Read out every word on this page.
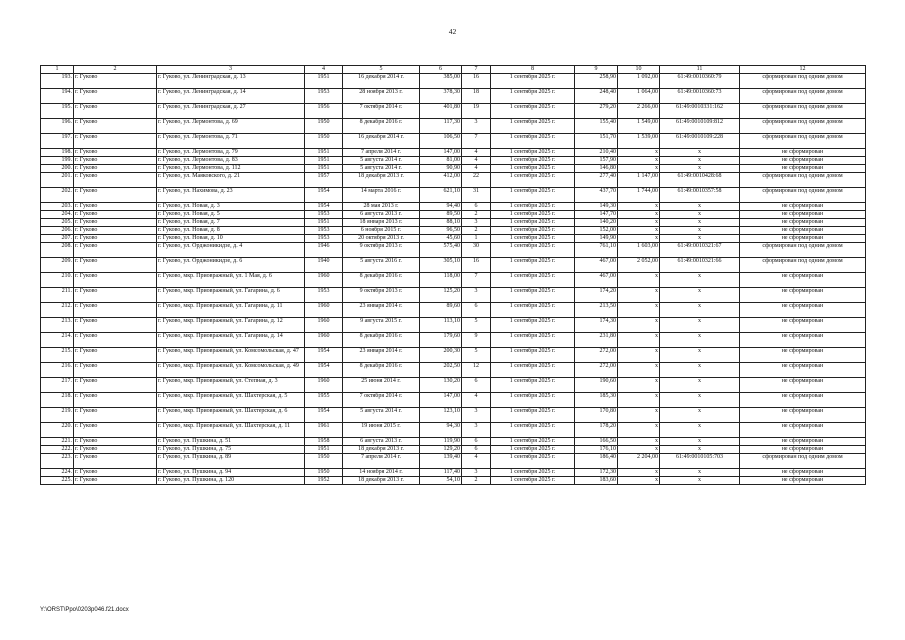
42
1	2	3	4	5	6	7	8	9	10	11	12
193.	г. Гуково	г. Гуково, ул. Ленинградская, д. 13	1951	16 декабря 2014 г.	385,00	16	1 сентября 2025 г.	258,90	1 092,00	61:49:0010360:79	сформирован под одним домом
194.	г. Гуково	г. Гуково, ул. Ленинградская, д. 14	1953	28 ноября 2013 г.	378,30	18	1 сентября 2025 г.	248,40	1 064,00	61:49:0010360:73	сформирован под одним домом
195.	г. Гуково	г. Гуково, ул. Ленинградская, д. 27	1956	7 октября 2014 г.	401,80	19	1 сентября 2025 г.	279,20	2 266,00	61:49:0010331:162	сформирован под одним домом
196.	г. Гуково	г. Гуково, ул. Лермонтова, д. 69	1950	8 декабря 2016 г.	117,30	3	1 сентября 2025 г.	155,40	1 549,00	61:49:0010109:812	сформирован под одним домом
197.	г. Гуково	г. Гуково, ул. Лермонтова, д. 71	1950	16 декабря 2014 г.	106,50	7	1 сентября 2025 г.	151,70	1 539,00	61:49:0010109:228	сформирован под одним домом
198.	г. Гуково	г. Гуково, ул. Лермонтова, д. 79	1951	7 апреля 2014 г.	147,00	4	1 сентября 2025 г.	210,40	х	х	не сформирован
199.	г. Гуково	г. Гуково, ул. Лермонтова, д. 83	1951	5 августа 2014 г.	81,00	4	1 сентября 2025 г.	157,90	х	х	не сформирован
200.	г. Гуково	г. Гуково, ул. Лермонтова, д. 112	1951	5 августа 2014 г.	90,90	4	1 сентября 2025 г.	146,80	х	х	не сформирован
201.	г. Гуково	г. Гуково, ул. Маяковского, д. 21	1957	18 декабря 2013 г.	412,00	22	1 сентября 2025 г.	277,40	1 147,00	61:49:0010428:68	сформирован под одним домом
202.	г. Гуково	г. Гуково, ул. Нахимова, д. 23	1954	14 марта 2016 г.	621,10	31	1 сентября 2025 г.	437,70	1 744,00	61:49:0010357:58	сформирован под одним домом
203.	г. Гуково	г. Гуково, ул. Новая, д. 3	1954	28 мая 2013 г.	94,40	6	1 сентября 2025 г.	149,30	х	х	не сформирован
204.	г. Гуково	г. Гуково, ул. Новая, д. 5	1953	6 августа 2013 г.	89,50	2	1 сентября 2025 г.	147,70	х	х	не сформирован
205.	г. Гуково	г. Гуково, ул. Новая, д. 7	1951	18 января 2013 г.	88,10	3	1 сентября 2025 г.	140,20	х	х	не сформирован
206.	г. Гуково	г. Гуково, ул. Новая, д. 8	1953	6 ноября 2015 г.	96,50	2	1 сентября 2025 г.	152,00	х	х	не сформирован
207.	г. Гуково	г. Гуково, ул. Новая, д. 10	1953	20 октября 2013 г.	45,60	1	1 сентября 2025 г.	149,90	х	х	не сформирован
208.	г. Гуково	г. Гуково, ул. Орджоникидзе, д. 4	1946	9 октября 2013 г.	575,40	30	1 сентября 2025 г.	761,10	1 603,00	61:49:0010321:67	сформирован под одним домом
209.	г. Гуково	г. Гуково, ул. Орджоникидзе, д. 6	1940	5 августа 2016 г.	305,10	16	1 сентября 2025 г.	467,00	2 052,00	61:49:0010321:66	сформирован под одним домом
210.	г. Гуково	г. Гуково, мкр. Приовражный, ул. 1 Мая, д. 6	1960	8 декабря 2016 г.	118,00	7	1 сентября 2025 г.	467,00	х	х	не сформирован
211.	г. Гуково	г. Гуково, мкр. Приовражный, ул. Гагарина, д. 6	1953	9 октября 2013 г.	125,20	3	1 сентября 2025 г.	174,20	х	х	не сформирован
212.	г. Гуково	г. Гуково, мкр. Приовражный, ул. Гагарина, д. 11	1960	23 января 2014 г.	89,60	6	1 сентября 2025 г.	213,50	х	х	не сформирован
213.	г. Гуково	г. Гуково, мкр. Приовражный, ул. Гагарина, д. 12	1960	9 августа 2015 г.	113,10	5	1 сентября 2025 г.	174,30	х	х	не сформирован
214.	г. Гуково	г. Гуково, мкр. Приовражный, ул. Гагарина, д. 14	1960	8 декабря 2016 г.	179,60	9	1 сентября 2025 г.	231,80	х	х	не сформирован
215.	г. Гуково	г. Гуково, мкр. Приовражный, ул. Комсомольская, д. 47	1954	23 января 2014 г.	200,30	5	1 сентября 2025 г.	272,00	х	х	не сформирован
216.	г. Гуково	г. Гуково, мкр. Приовражный, ул. Комсомольская, д. 49	1954	8 декабря 2016 г.	202,50	12	1 сентября 2025 г.	272,00	х	х	не сформирован
217.	г. Гуково	г. Гуково, мкр. Приовражный, ул. Степная, д. 3	1960	25 июня 2014 г.	130,20	6	1 сентября 2025 г.	190,60	х	х	не сформирован
218.	г. Гуково	г. Гуково, мкр. Приовражный, ул. Шахтерская, д. 5	1955	7 октября 2014 г.	147,00	4	1 сентября 2025 г.	185,30	х	х	не сформирован
219.	г. Гуково	г. Гуково, мкр. Приовражный, ул. Шахтерская, д. 6	1954	5 августа 2014 г.	123,10	3	1 сентября 2025 г.	170,80	х	х	не сформирован
220.	г. Гуково	г. Гуково, мкр. Приовражный, ул. Шахтерская, д. 11	1961	19 июня 2015 г.	94,30	3	1 сентября 2025 г.	178,20	х	х	не сформирован
221.	г. Гуково	г. Гуково, ул. Пушкина, д. 51	1958	6 августа 2013 г.	119,90	6	1 сентября 2025 г.	166,50	х	х	не сформирован
222.	г. Гуково	г. Гуково, ул. Пушкина, д. 75	1951	18 декабря 2013 г.	129,20	6	1 сентября 2025 г.	176,10	х	х	не сформирован
223.	г. Гуково	г. Гуково, ул. Пушкина, д. 89	1950	7 апреля 2014 г.	139,40	4	1 сентября 2025 г.	186,40	2 204,00	61:49:0010105:703	сформирован под одним домом
224.	г. Гуково	г. Гуково, ул. Пушкина, д. 94	1950	14 ноября 2014 г.	117,40	3	1 сентября 2025 г.	172,30	х	х	не сформирован
225.	г. Гуково	г. Гуково, ул. Пушкина, д. 120	1952	18 декабря 2013 г.	54,10	2	1 сентября 2025 г.	183,60	х	х	не сформирован
Y:\ORST\Ppo\0203p046.f21.docx
